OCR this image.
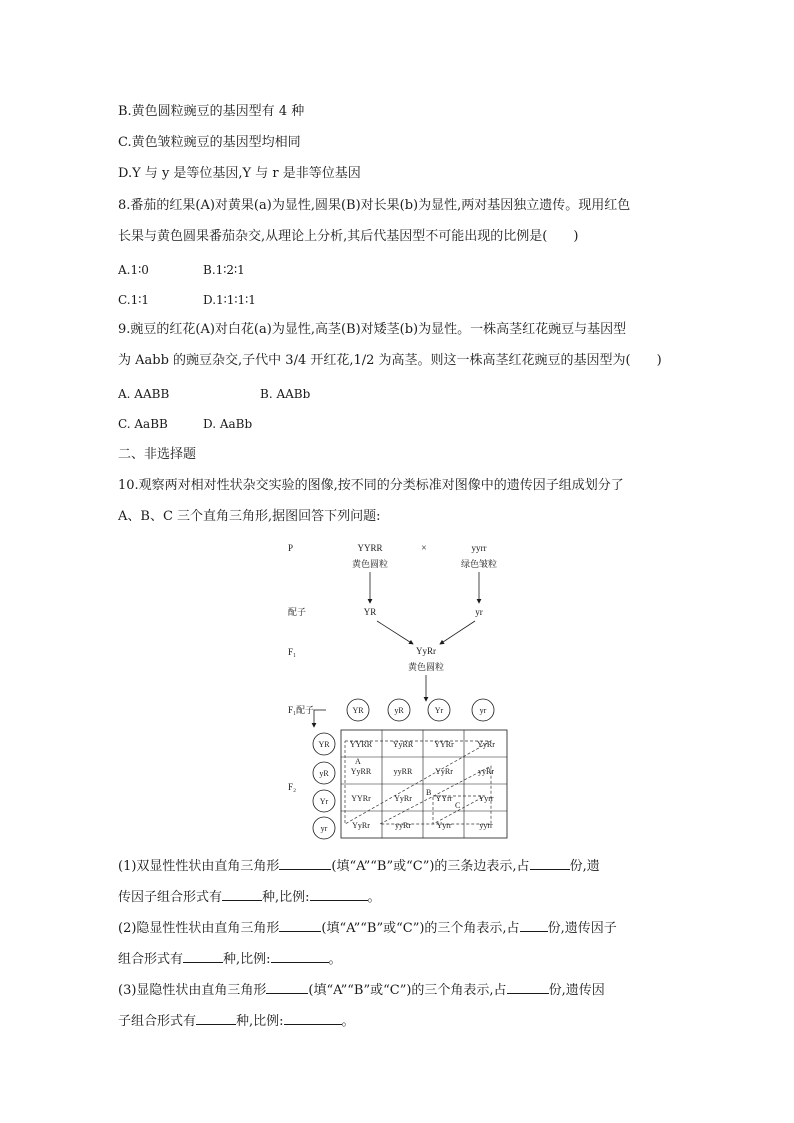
B.黄色圆粒豌豆的基因型有 4 种
C.黄色皱粒豌豆的基因型均相同
D.Y 与 y 是等位基因,Y 与 r 是非等位基因
8.番茄的红果(A)对黄果(a)为显性,圆果(B)对长果(b)为显性,两对基因独立遗传。现用红色
长果与黄色圆果番茄杂交,从理论上分析,其后代基因型不可能出现的比例是(　　)
A.1∶0	B.1∶2∶1
C.1∶1	D.1∶1∶1∶1
9.豌豆的红花(A)对白花(a)为显性,高茎(B)对矮茎(b)为显性。一株高茎红花豌豆与基因型
为 Aabb 的豌豆杂交,子代中 3/4 开红花,1/2 为高茎。则这一株高茎红花豌豆的基因型为(　　)
A. AABB	B. AABb
C. AaBB	D. AaBb
二、非选择题
10.观察两对相对性状杂交实验的图像,按不同的分类标准对图像中的遗传因子组成划分了
A、B、C 三个直角三角形,据图回答下列问题:
P	YYRR	×	yyrr
黄色圆粒	绿色皱粒
配子	YR	yr
F₁	YyRr
黄色圆粒
F₁配子	YR	yR	Yr	yr
YR
yR
Yr
yr
F₂
A
B
C
YYRR	YyRR	YYRr	YyRr
YyRR	yyRR	YyRr	yyRr
YYRr	YyRr	YYrr	Yyrr
YyRr	yyRr	Yyrr	yyrr
(1)双显性性状由直角三角形	(填“A”“B”或“C”)的三条边表示,占	份,遗
传因子组合形式有	种,比例:	。
(2)隐显性性状由直角三角形	(填“A”“B”或“C”)的三个角表示,占 份,遗传因子
组合形式有	种,比例:	。
(3)显隐性状由直角三角形	(填“A”“B”或“C”)的三个角表示,占	份,遗传因
子组合形式有	种,比例:	。
